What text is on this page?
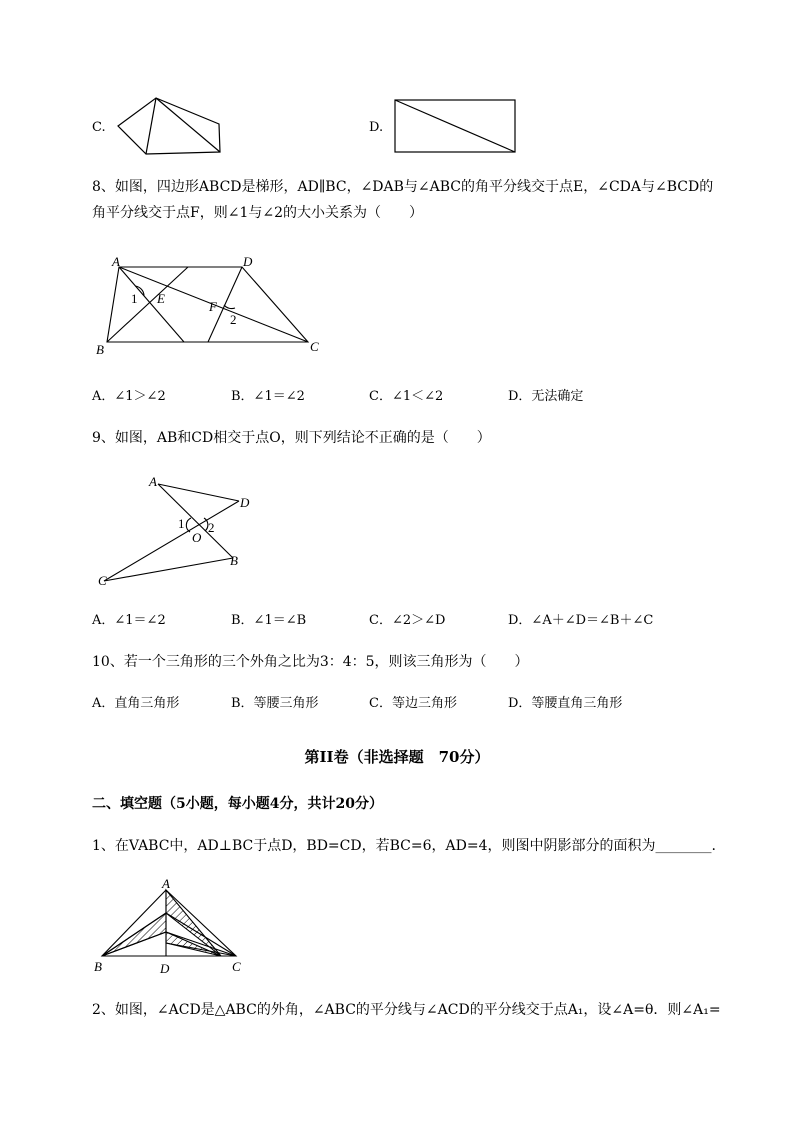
C.	D.
8、如图，四边形ABCD是梯形，AD∥BC，∠DAB与∠ABC的角平分线交于点E，∠CDA与∠BCD的
角平分线交于点F，则∠1与∠2的大小关系为（　　）
A	D
B	C
E
F
1
2
A．∠1＞∠2	B．∠1＝∠2	C．∠1＜∠2	D．无法确定
9、如图，AB和CD相交于点O，则下列结论不正确的是（　　）
A
D
O
C
B
1 2
A．∠1＝∠2	B．∠1＝∠B	C．∠2＞∠D	D．∠A＋∠D＝∠B＋∠C
10、若一个三角形的三个外角之比为3：4：5，则该三角形为（　　）
A．直角三角形	B．等腰三角形	C．等边三角形	D．等腰直角三角形
第II卷（非选择题　70分）
二、填空题（5小题，每小题4分，共计20分）
1、在VABC中，AD⊥BC于点D，BD=CD，若BC=6，AD=4，则图中阴影部分的面积为________.
A
B	D	C
2、如图，∠ACD是△ABC的外角，∠ABC的平分线与∠ACD的平分线交于点A₁，设∠A=θ．则∠A₁=
